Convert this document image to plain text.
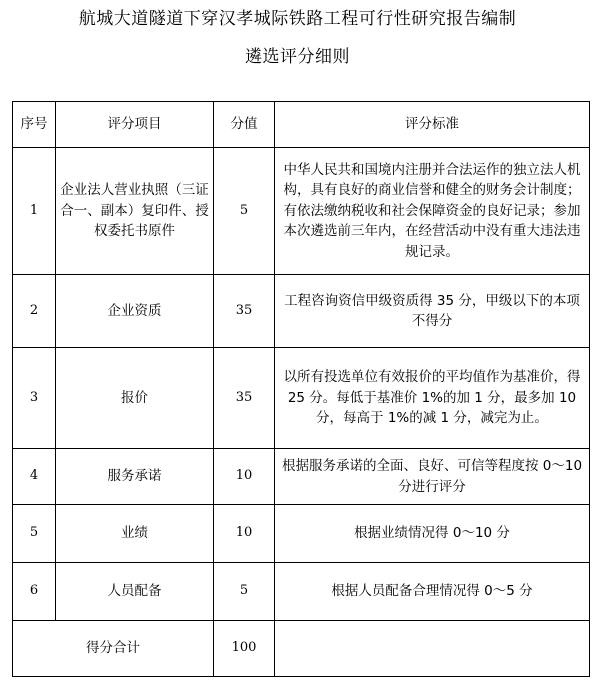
航城大道隧道下穿汉孝城际铁路工程可行性研究报告编制
遴选评分细则
序号	评分项目	分值	评分标准
1	企业法人营业执照（三证合一、副本）复印件、授权委托书原件	5	中华人民共和国境内注册并合法运作的独立法人机构，具有良好的商业信誉和健全的财务会计制度；有依法缴纳税收和社会保障资金的良好记录；参加本次遴选前三年内，在经营活动中没有重大违法违规记录。
2	企业资质	35	工程咨询资信甲级资质得 35 分，甲级以下的本项不得分
3	报价	35	以所有投选单位有效报价的平均值作为基准价，得 25 分。每低于基准价 1%的加 1 分，最多加 10 分，每高于 1%的减 1 分，减完为止。
4	服务承诺	10	根据服务承诺的全面、良好、可信等程度按 0～10 分进行评分
5	业绩	10	根据业绩情况得 0～10 分
6	人员配备	5	根据人员配备合理情况得 0～5 分
得分合计		100	
